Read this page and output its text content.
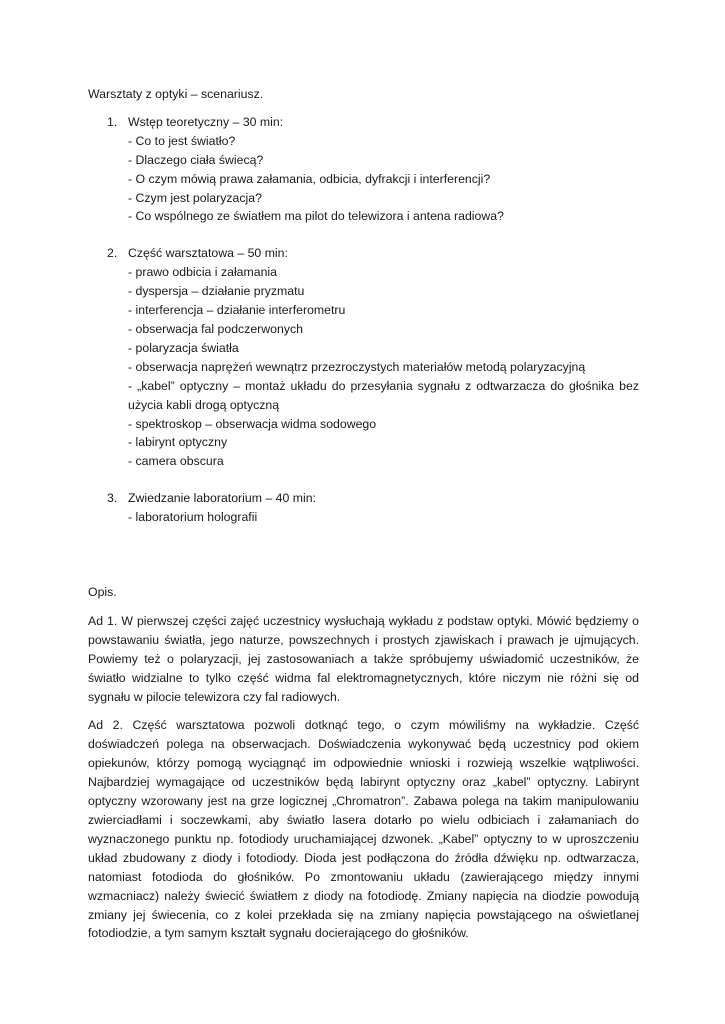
Warsztaty z optyki – scenariusz.

1. Wstęp teoretyczny – 30 min:

- Co to jest światło?

- Dlaczego ciała świecą?

- O czym mówią prawa załamania, odbicia, dyfrakcji i interferencji?

- Czym jest polaryzacja?

- Co wspólnego ze światłem ma pilot do telewizora i antena radiowa?

2. Część warsztatowa – 50 min:

- prawo odbicia i załamania

- dyspersja – działanie pryzmatu

- interferencja – działanie interferometru

- obserwacja fal podczerwonych

- polaryzacja światła

- obserwacja naprężeń wewnątrz przezroczystych materiałów metodą polaryzacyjną

- „kabel” optyczny – montaż układu do przesyłania sygnału z odtwarzacza do głośnika bez użycia kabli drogą optyczną

- spektroskop – obserwacja widma sodowego

- labirynt optyczny

- camera obscura

3. Zwiedzanie laboratorium – 40 min:

- laboratorium holografii

Opis.

Ad 1. W pierwszej części zajęć uczestnicy wysłuchają wykładu z podstaw optyki. Mówić będziemy o powstawaniu światła, jego naturze, powszechnych i prostych zjawiskach i prawach je ujmujących. Powiemy też o polaryzacji, jej zastosowaniach a także spróbujemy uświadomić uczestników, że światło widzialne to tylko część widma fal elektromagnetycznych, które niczym nie różni się od sygnału w pilocie telewizora czy fal radiowych.

Ad 2. Część warsztatowa pozwoli dotknąć tego, o czym mówiliśmy na wykładzie. Część doświadczeń polega na obserwacjach. Doświadczenia wykonywać będą uczestnicy pod okiem opiekunów, którzy pomogą wyciągnąć im odpowiednie wnioski i rozwieją wszelkie wątpliwości. Najbardziej wymagające od uczestników będą labirynt optyczny oraz „kabel” optyczny. Labirynt optyczny wzorowany jest na grze logicznej „Chromatron”. Zabawa polega na takim manipulowaniu zwierciadłami i soczewkami, aby światło lasera dotarło po wielu odbiciach i załamaniach do wyznaczonego punktu np. fotodiody uruchamiającej dzwonek. „Kabel” optyczny to w uproszczeniu układ zbudowany z diody i fotodiody. Dioda jest podłączona do źródła dźwięku np. odtwarzacza, natomiast fotodioda do głośników. Po zmontowaniu układu (zawierającego między innymi wzmacniacz) należy świecić światłem z diody na fotodiodę. Zmiany napięcia na diodzie powodują zmiany jej świecenia, co z kolei przekłada się na zmiany napięcia powstającego na oświetlanej fotodiodzie, a tym samym kształt sygnału docierającego do głośników.
